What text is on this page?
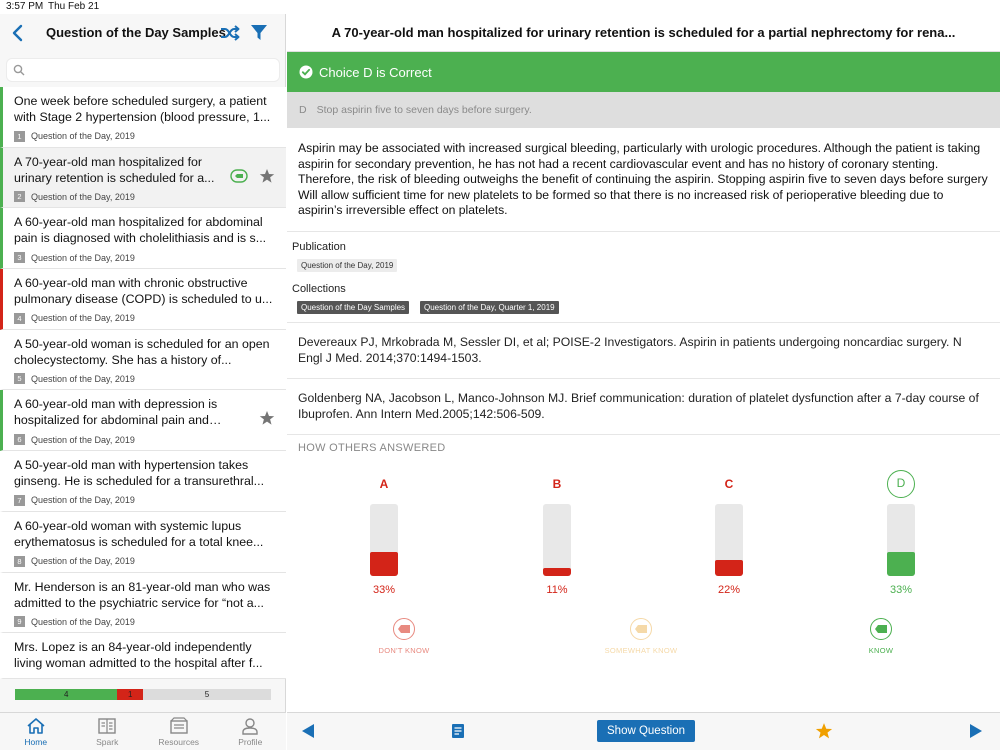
3:57 PM Thu Feb 21
Question of the Day Samples
One week before scheduled surgery, a patient with Stage 2 hypertension (blood pressure, 1...
1	Question of the Day, 2019
A 70-year-old man hospitalized for urinary retention is scheduled for a...
2	Question of the Day, 2019
A 60-year-old man hospitalized for abdominal pain is diagnosed with cholelithiasis and is s...
3	Question of the Day, 2019
A 60-year-old man with chronic obstructive pulmonary disease (COPD) is scheduled to u...
4	Question of the Day, 2019
A 50-year-old woman is scheduled for an open cholecystectomy. She has a history of...
5	Question of the Day, 2019
A 60-year-old man with depression is hospitalized for abdominal pain and is
6	Question of the Day, 2019
A 50-year-old man with hypertension takes ginseng. He is scheduled for a transurethral...
7	Question of the Day, 2019
A 60-year-old woman with systemic lupus erythematosus is scheduled for a total knee...
8	Question of the Day, 2019
Mr. Henderson is an 81-year-old man who was admitted to the psychiatric service for “not a...
9	Question of the Day, 2019
Mrs. Lopez is an 84-year-old independently living woman admitted to the hospital after f...
4	1	5
Home	Spark	Resources	Profile
A 70-year-old man hospitalized for urinary retention is scheduled for a partial nephrectomy for rena...
Choice D is Correct
D Stop aspirin five to seven days before surgery.
Aspirin may be associated with increased surgical bleeding, particularly with urologic procedures. Although the patient is taking aspirin for secondary prevention, he has not had a recent cardiovascular event and has no history of coronary stenting. Therefore, the risk of bleeding outweighs the benefit of continuing the aspirin. Stopping aspirin five to seven days before surgery Will allow sufficient time for new platelets to be formed so that there is no increased risk of perioperative bleeding due to aspirin’s irreversible effect on platelets.
Publication
Question of the Day, 2019
Collections
Question of the Day Samples	Question of the Day, Quarter 1, 2019
Devereaux PJ, Mrkobrada M, Sessler DI, et al; POISE-2 Investigators. Aspirin in patients undergoing noncardiac surgery. N Engl J Med. 2014;370:1494-1503.
Goldenberg NA, Jacobson L, Manco-Johnson MJ. Brief communication: duration of platelet dysfunction after a 7-day course of Ibuprofen. Ann Intern Med.2005;142:506-509.
HOW OTHERS ANSWERED
A
33%
B
11%
C
22%
D
33%
DON'T KNOW	SOMEWHAT KNOW	KNOW
Show Question
